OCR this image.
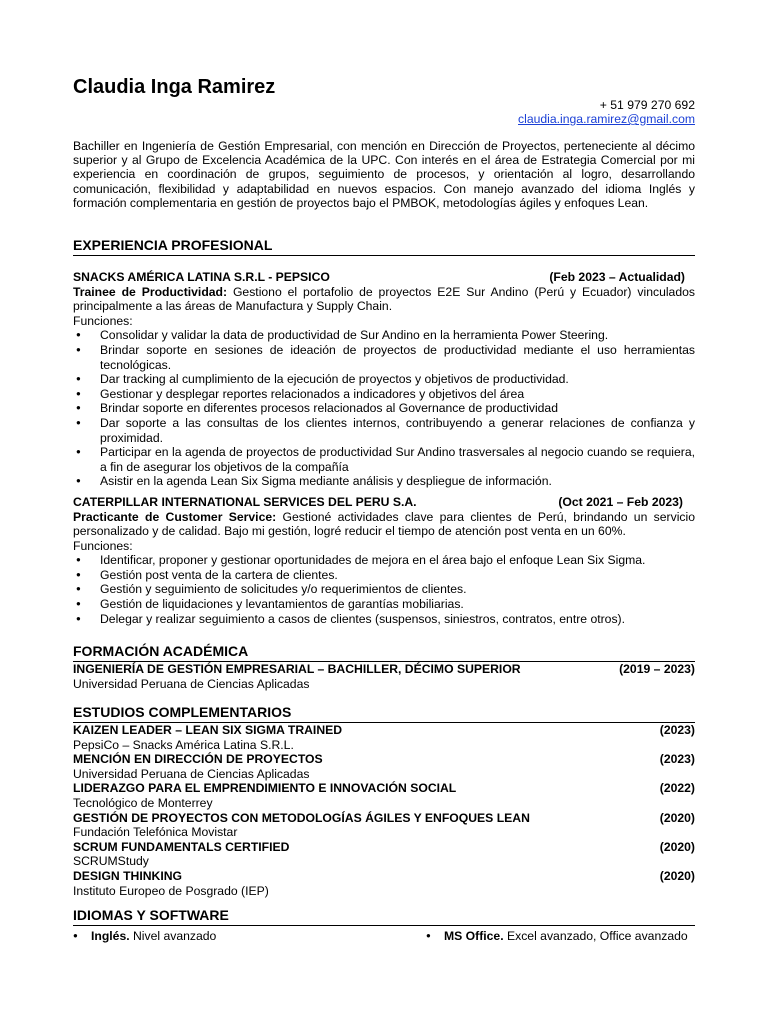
Claudia Inga Ramirez
+ 51 979 270 692
claudia.inga.ramirez@gmail.com
Bachiller en Ingeniería de Gestión Empresarial, con mención en Dirección de Proyectos, perteneciente al décimo superior y al Grupo de Excelencia Académica de la UPC. Con interés en el área de Estrategia Comercial por mi experiencia en coordinación de grupos, seguimiento de procesos, y orientación al logro, desarrollando comunicación, flexibilidad y adaptabilidad en nuevos espacios. Con manejo avanzado del idioma Inglés y formación complementaria en gestión de proyectos bajo el PMBOK, metodologías ágiles y enfoques Lean.
EXPERIENCIA PROFESIONAL
SNACKS AMÉRICA LATINA S.R.L - PEPSICO	(Feb 2023 – Actualidad)
Trainee de Productividad: Gestiono el portafolio de proyectos E2E Sur Andino (Perú y Ecuador) vinculados principalmente a las áreas de Manufactura y Supply Chain.
Funciones:
● Consolidar y validar la data de productividad de Sur Andino en la herramienta Power Steering.
● Brindar soporte en sesiones de ideación de proyectos de productividad mediante el uso herramientas tecnológicas.
● Dar tracking al cumplimiento de la ejecución de proyectos y objetivos de productividad.
● Gestionar y desplegar reportes relacionados a indicadores y objetivos del área
● Brindar soporte en diferentes procesos relacionados al Governance de productividad
● Dar soporte a las consultas de los clientes internos, contribuyendo a generar relaciones de confianza y proximidad.
● Participar en la agenda de proyectos de productividad Sur Andino trasversales al negocio cuando se requiera, a fin de asegurar los objetivos de la compañía
● Asistir en la agenda Lean Six Sigma mediante análisis y despliegue de información.
CATERPILLAR INTERNATIONAL SERVICES DEL PERU S.A.	(Oct 2021 – Feb 2023)
Practicante de Customer Service: Gestioné actividades clave para clientes de Perú, brindando un servicio personalizado y de calidad. Bajo mi gestión, logré reducir el tiempo de atención post venta en un 60%.
Funciones:
● Identificar, proponer y gestionar oportunidades de mejora en el área bajo el enfoque Lean Six Sigma.
● Gestión post venta de la cartera de clientes.
● Gestión y seguimiento de solicitudes y/o requerimientos de clientes.
● Gestión de liquidaciones y levantamientos de garantías mobiliarias.
● Delegar y realizar seguimiento a casos de clientes (suspensos, siniestros, contratos, entre otros).
FORMACIÓN ACADÉMICA
INGENIERÍA DE GESTIÓN EMPRESARIAL – BACHILLER, DÉCIMO SUPERIOR	(2019 – 2023)
Universidad Peruana de Ciencias Aplicadas
ESTUDIOS COMPLEMENTARIOS
KAIZEN LEADER – LEAN SIX SIGMA TRAINED	(2023)
PepsiCo – Snacks América Latina S.R.L.
MENCIÓN EN DIRECCIÓN DE PROYECTOS	(2023)
Universidad Peruana de Ciencias Aplicadas
LIDERAZGO PARA EL EMPRENDIMIENTO E INNOVACIÓN SOCIAL	(2022)
Tecnológico de Monterrey
GESTIÓN DE PROYECTOS CON METODOLOGÍAS ÁGILES Y ENFOQUES LEAN	(2020)
Fundación Telefónica Movistar
SCRUM FUNDAMENTALS CERTIFIED	(2020)
SCRUMStudy
DESIGN THINKING	(2020)
Instituto Europeo de Posgrado (IEP)
IDIOMAS Y SOFTWARE
● Inglés. Nivel avanzado
●	MS Office. Excel avanzado, Office avanzado
